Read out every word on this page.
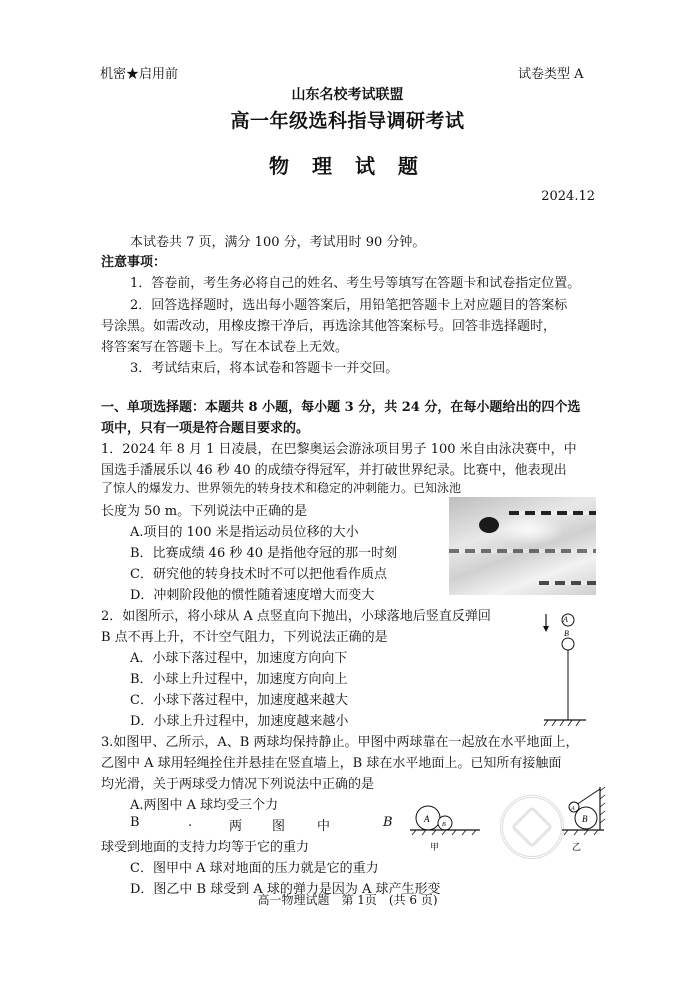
机密★启用前	试卷类型 A
山东名校考试联盟
高一年级选科指导调研考试
物 理 试 题
2024.12
本试卷共 7 页，满分 100 分，考试用时 90 分钟。
注意事项：
1．答卷前，考生务必将自己的姓名、考生号等填写在答题卡和试卷指定位置。
2．回答选择题时，选出每小题答案后，用铅笔把答题卡上对应题目的答案标
号涂黑。如需改动，用橡皮擦干净后，再选涂其他答案标号。回答非选择题时，
将答案写在答题卡上。写在本试卷上无效。
3．考试结束后，将本试卷和答题卡一并交回。
一、单项选择题：本题共 8 小题，每小题 3 分，共 24 分，在每小题给出的四个选
项中，只有一项是符合题目要求的。
1．2024 年 8 月 1 日凌晨，在巴黎奥运会游泳项目男子 100 米自由泳决赛中，中
国选手潘展乐以 46 秒 40 的成绩夺得冠军，并打破世界纪录。比赛中，他表现出
了惊人的爆发力、世界领先的转身技术和稳定的冲刺能力。已知泳池
长度为 50 m。下列说法中正确的是
A.项目的 100 米是指运动员位移的大小
B．比赛成绩 46 秒 40 是指他夺冠的那一时刻
C．研究他的转身技术时不可以把他看作质点
D．冲刺阶段他的惯性随着速度增大而变大
2．如图所示，将小球从 A 点竖直向下抛出，小球落地后竖直反弹回
B 点不再上升，不计空气阻力，下列说法正确的是
A．小球下落过程中，加速度方向向下
B．小球上升过程中，加速度方向向上
C．小球下落过程中，加速度越来越大
D．小球上升过程中，加速度越来越小
A
B
3.如图甲、乙所示，A、B 两球均保持静止。甲图中两球靠在一起放在水平地面上，
乙图中 A 球用轻绳拴住并悬挂在竖直墙上，B 球在水平地面上。已知所有接触面
均光滑，关于两球受力情况下列说法中正确的是
A.两图中 A 球均受三个力
B	.	两 图 中	B
球受到地面的支持力均等于它的重力
C．图甲中 A 球对地面的压力就是它的重力
D．图乙中 B 球受到 A 球的弹力是因为 A 球产生形变
A
B
甲
A
B
乙
高一物理试题　第 1页　(共 6 页)
